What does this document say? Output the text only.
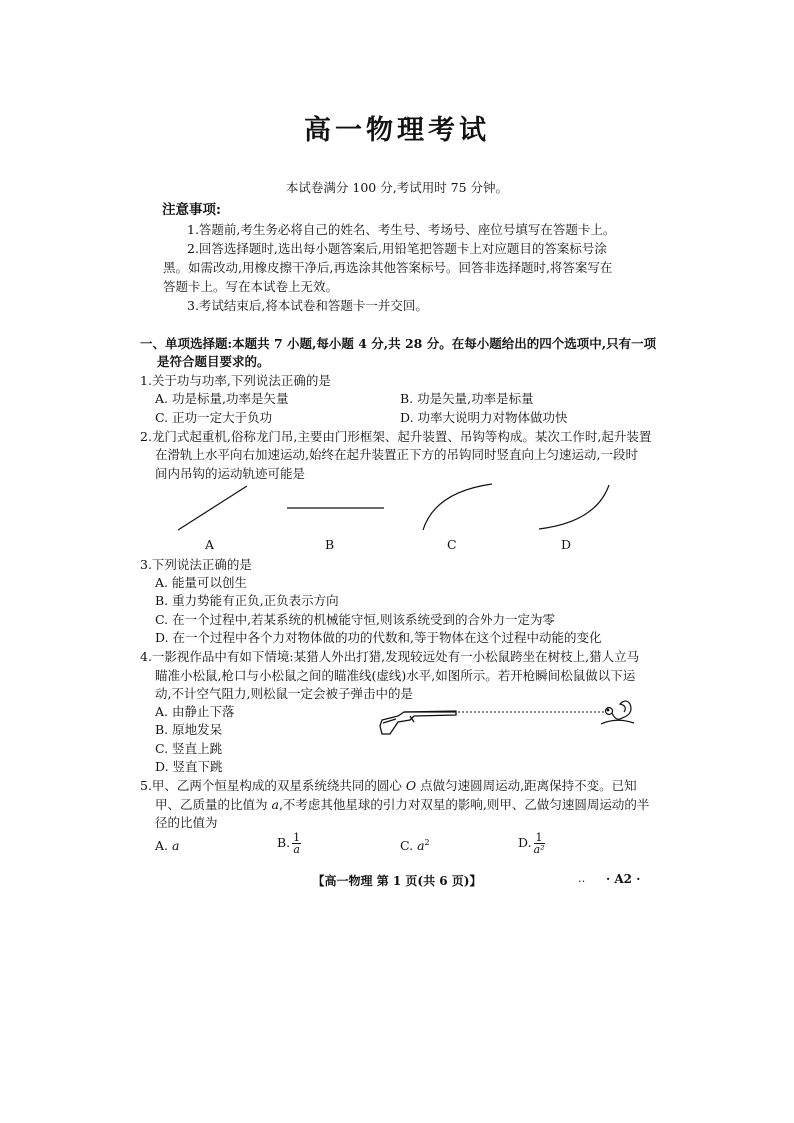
高一物理考试
本试卷满分 100 分,考试用时 75 分钟。
注意事项:
1.答题前,考生务必将自己的姓名、考生号、考场号、座位号填写在答题卡上。
2.回答选择题时,选出每小题答案后,用铅笔把答题卡上对应题目的答案标号涂
黑。如需改动,用橡皮擦干净后,再选涂其他答案标号。回答非选择题时,将答案写在
答题卡上。写在本试卷上无效。
3.考试结束后,将本试卷和答题卡一并交回。
一、单项选择题:本题共 7 小题,每小题 4 分,共 28 分。在每小题给出的四个选项中,只有一项
是符合题目要求的。
1.关于功与功率,下列说法正确的是
A. 功是标量,功率是矢量	B. 功是矢量,功率是标量
C. 正功一定大于负功	D. 功率大说明力对物体做功快
2.龙门式起重机,俗称龙门吊,主要由门形框架、起升装置、吊钩等构成。某次工作时,起升装置
在滑轨上水平向右加速运动,始终在起升装置正下方的吊钩同时竖直向上匀速运动,一段时
间内吊钩的运动轨迹可能是
A	B	C	D
3.下列说法正确的是
A. 能量可以创生
B. 重力势能有正负,正负表示方向
C. 在一个过程中,若某系统的机械能守恒,则该系统受到的合外力一定为零
D. 在一个过程中各个力对物体做的功的代数和,等于物体在这个过程中动能的变化
4.一影视作品中有如下情境:某猎人外出打猎,发现较远处有一小松鼠跨坐在树枝上,猎人立马
瞄准小松鼠,枪口与小松鼠之间的瞄准线(虚线)水平,如图所示。若开枪瞬间松鼠做以下运
动,不计空气阻力,则松鼠一定会被子弹击中的是
A. 由静止下落
B. 原地发呆
C. 竖直上跳
D. 竖直下跳
5.甲、乙两个恒星构成的双星系统绕共同的圆心 O 点做匀速圆周运动,距离保持不变。已知
甲、乙质量的比值为 a,不考虑其他星球的引力对双星的影响,则甲、乙做匀速圆周运动的半
径的比值为
A. a	B. $\frac{1}{a}$	C. $a^2$	D. $\frac{1}{\text{a²}}$
【高一物理 第 1 页(共 6 页)】	‥ · A2 ·
